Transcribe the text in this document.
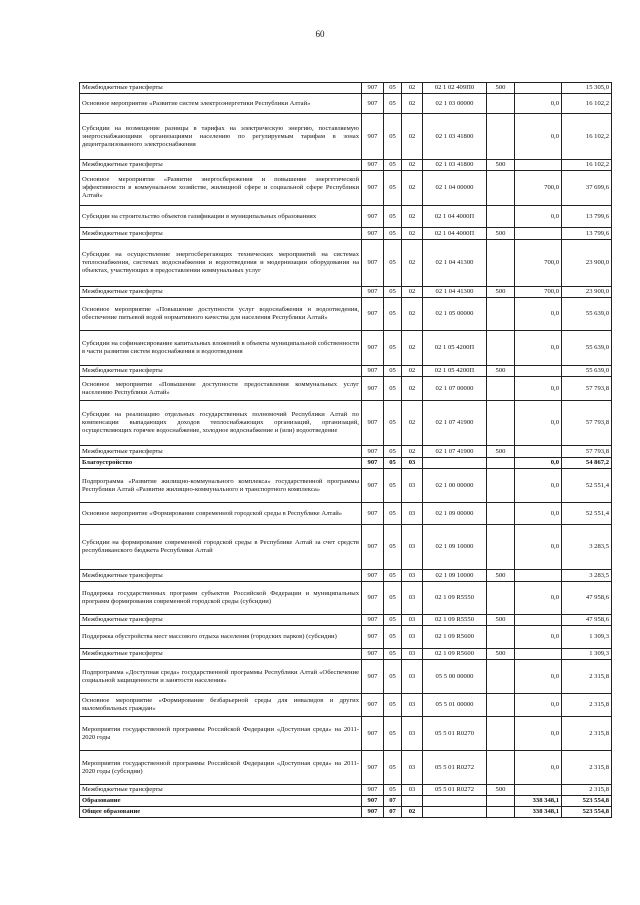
60
Межбюджетные трансферты	907	05	02	02 1 02 409П0	500		15 305,0
Основное мероприятие «Развитие систем электроэнергетики Республики Алтай»	907	05	02	02 1 03 00000		0,0	16 102,2
Субсидии на возмещение разницы в тарифах на электрическую энергию, поставляемую энергоснабжающими организациями населению по регулируемым тарифам в зонах децентрализованного электроснабжения	907	05	02	02 1 03 41800		0,0	16 102,2
Межбюджетные трансферты	907	05	02	02 1 03 41800	500		16 102,2
Основное мероприятие «Развитие энергосбережения и повышение энергетической эффективности в коммунальном хозяйстве, жилищной сфере и социальной сфере Республики Алтай»	907	05	02	02 1 04 00000		700,0	37 699,6
Субсидии на строительство объектов газификации в муниципальных образованиях	907	05	02	02 1 04 4000П		0,0	13 799,6
Межбюджетные трансферты	907	05	02	02 1 04 4000П	500		13 799,6
Субсидии на осуществление энергосберегающих технических мероприятий на системах теплоснабжения, системах водоснабжения и водоотведения и модернизации оборудования на объектах, участвующих в предоставлении коммунальных услуг	907	05	02	02 1 04 41300		700,0	23 900,0
Межбюджетные трансферты	907	05	02	02 1 04 41300	500	700,0	23 900,0
Основное мероприятие «Повышение доступности услуг водоснабжения и водоотведения, обеспечение питьевой водой нормативного качества для населения Республики Алтай»	907	05	02	02 1 05 00000		0,0	55 639,0
Субсидии на софинансирование капитальных вложений в объекты муниципальной собственности в части развития систем водоснабжения и водоотведения	907	05	02	02 1 05 4200П		0,0	55 639,0
Межбюджетные трансферты	907	05	02	02 1 05 4200П	500		55 639,0
Основное мероприятие «Повышение доступности предоставления коммунальных услуг населению Республики Алтай»	907	05	02	02 1 07 00000		0,0	57 793,8
Субсидии на реализацию отдельных государственных полномочий Республики Алтай по компенсации выпадающих доходов теплоснабжающих организаций, организаций, осуществляющих горячее водоснабжение, холодное водоснабжение и (или) водоотведение	907	05	02	02 1 07 41900		0,0	57 793,8
Межбюджетные трансферты	907	05	02	02 1 07 41900	500		57 793,8
Благоустройство	907	05	03			0,0	54 867,2
Подпрограмма «Развитие жилищно-коммунального комплекса» государственной программы Республики Алтай «Развитие жилищно-коммунального и транспортного комплекса»	907	05	03	02 1 00 00000		0,0	52 551,4
Основное мероприятие «Формирование современной городской среды в Республике Алтай»	907	05	03	02 1 09 00000		0,0	52 551,4
Субсидии на формирование современной городской среды в Республике Алтай за счет средств республиканского бюджета Республики Алтай	907	05	03	02 1 09 10000		0,0	3 283,5
Межбюджетные трансферты	907	05	03	02 1 09 10000	500		3 283,5
Поддержка государственных программ субъектов Российской Федерации и муниципальных программ формирования современной городской среды (субсидии)	907	05	03	02 1 09 R5550		0,0	47 958,6
Межбюджетные трансферты	907	05	03	02 1 09 R5550	500		47 958,6
Поддержка обустройства мест массового отдыха населения (городских парков) (субсидии)	907	05	03	02 1 09 R5600		0,0	1 309,3
Межбюджетные трансферты	907	05	03	02 1 09 R5600	500		1 309,3
Подпрограмма «Доступная среда» государственной программы Республики Алтай «Обеспечение социальной защищенности и занятости населения»	907	05	03	05 5 00 00000		0,0	2 315,8
Основное мероприятие «Формирование безбарьерной среды для инвалидов и других маломобильных граждан»	907	05	03	05 5 01 00000		0,0	2 315,8
Мероприятия государственной программы Российской Федерации «Доступная среда» на 2011-2020 годы	907	05	03	05 5 01 R0270		0,0	2 315,8
Мероприятия государственной программы Российской Федерации «Доступная среда» на 2011-2020 годы (субсидии)	907	05	03	05 5 01 R0272		0,0	2 315,8
Межбюджетные трансферты	907	05	03	05 5 01 R0272	500		2 315,8
Образование	907	07				338 348,1	523 554,8
Общее образование	907	07	02			338 348,1	523 554,8
